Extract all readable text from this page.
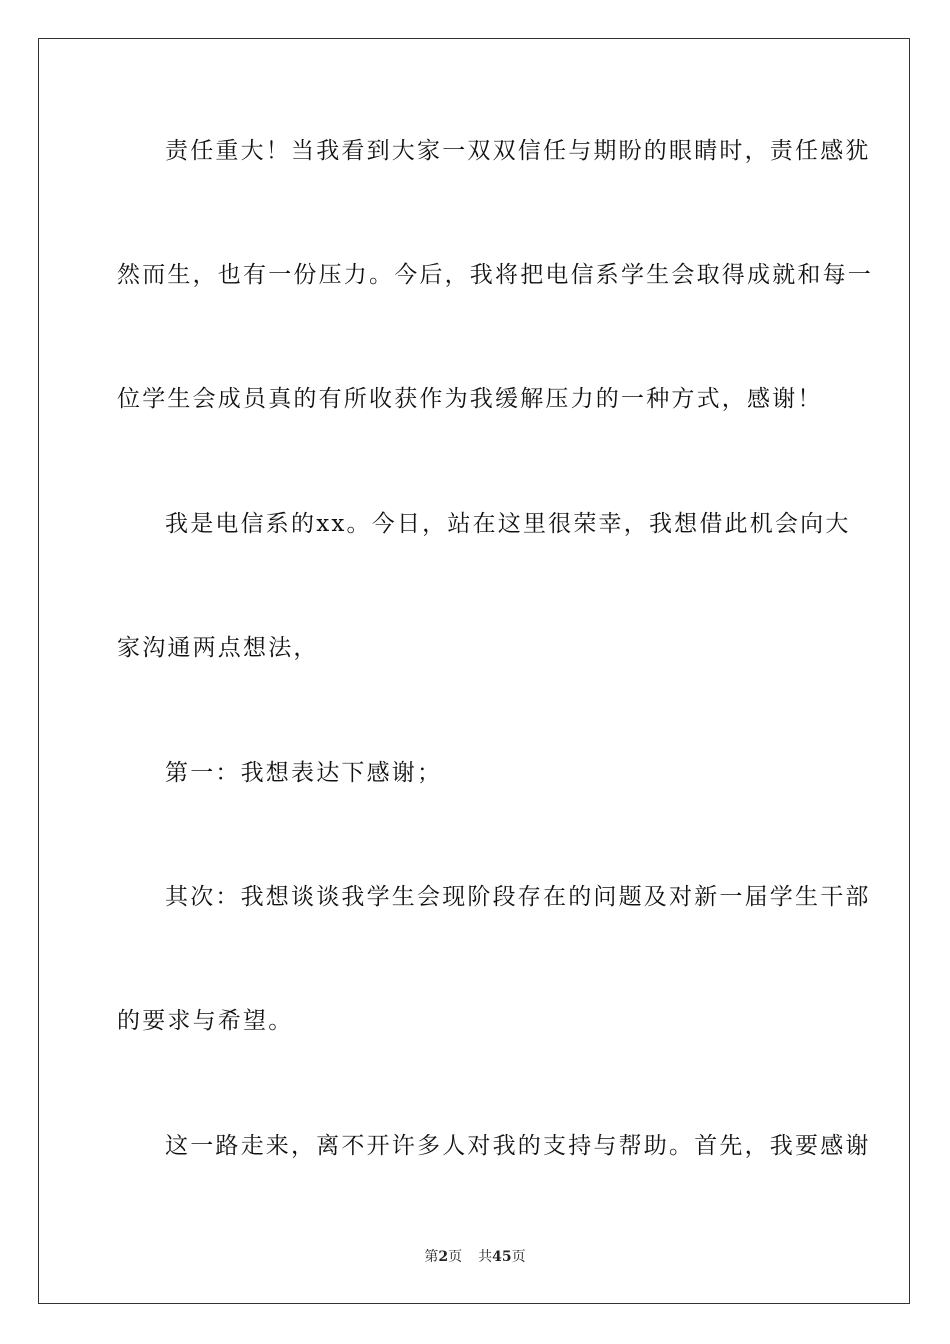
责任重大！当我看到大家一双双信任与期盼的眼睛时，责任感犹
然而生，也有一份压力。今后，我将把电信系学生会取得成就和每一
位学生会成员真的有所收获作为我缓解压力的一种方式，感谢！
我是电信系的xx。今日，站在这里很荣幸，我想借此机会向大
家沟通两点想法，
第一：我想表达下感谢；
其次：我想谈谈我学生会现阶段存在的问题及对新一届学生干部
的要求与希望。
这一路走来，离不开许多人对我的支持与帮助。首先，我要感谢
第2页 共45页
